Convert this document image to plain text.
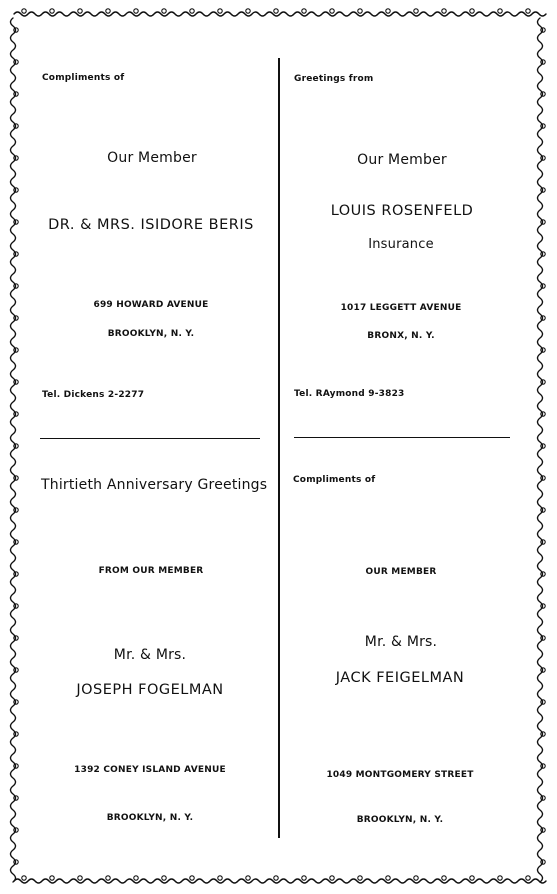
Compliments of
Our Member
DR. & MRS. ISIDORE BERIS
699 HOWARD AVENUE
BROOKLYN, N. Y.
Tel. Dickens 2-2277
Greetings from
Our Member
LOUIS ROSENFELD
Insurance
1017 LEGGETT AVENUE
BRONX, N. Y.
Tel. RAymond 9-3823
Thirtieth Anniversary Greetings
FROM OUR MEMBER
Mr. & Mrs.
JOSEPH FOGELMAN
1392 CONEY ISLAND AVENUE
BROOKLYN, N. Y.
Compliments of
OUR MEMBER
Mr. & Mrs.
JACK FEIGELMAN
1049 MONTGOMERY STREET
BROOKLYN, N. Y.
